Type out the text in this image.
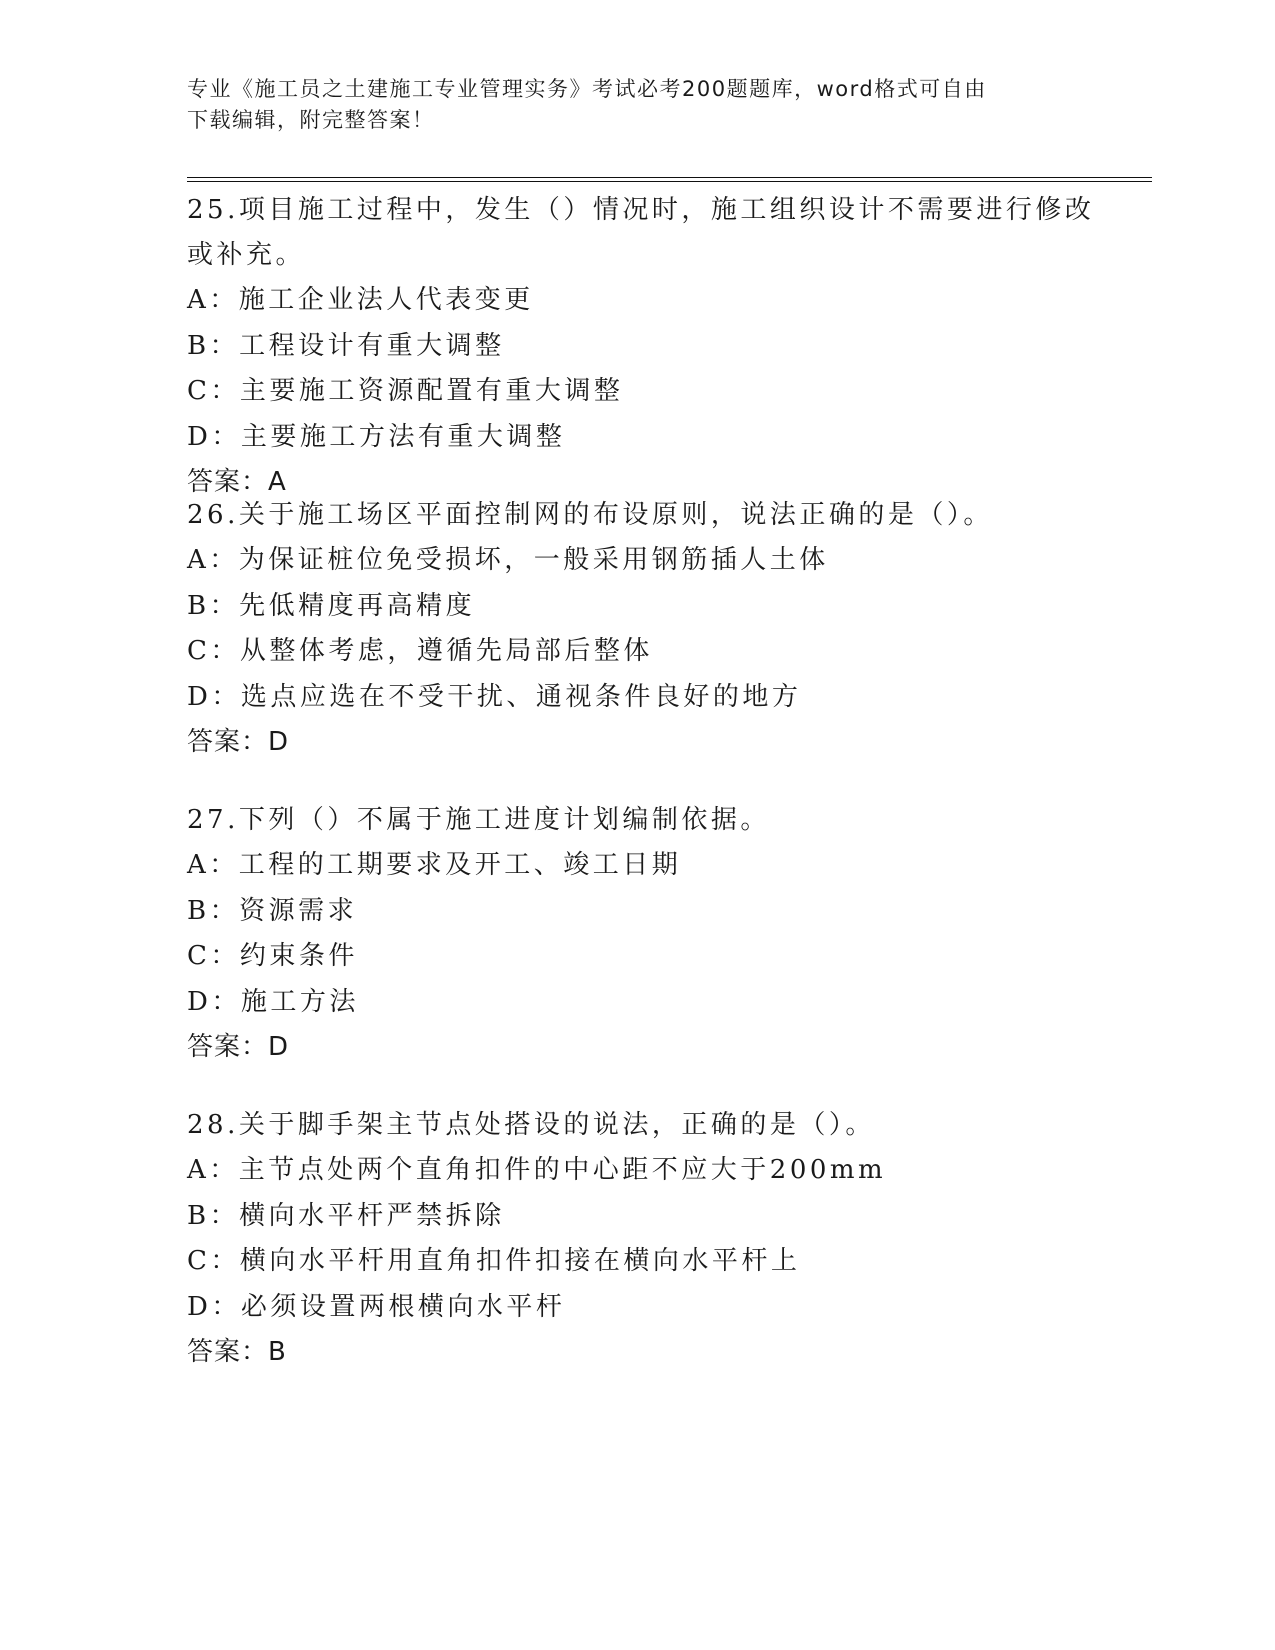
专业《施工员之土建施工专业管理实务》考试必考200题题库，word格式可自由
下载编辑，附完整答案！
25.项目施工过程中，发生（）情况时，施工组织设计不需要进行修改
或补充。
A：施工企业法人代表变更
B：工程设计有重大调整
C：主要施工资源配置有重大调整
D：主要施工方法有重大调整
答案：A
26.关于施工场区平面控制网的布设原则，说法正确的是（）。
A：为保证桩位免受损坏，一般采用钢筋插人土体
B：先低精度再高精度
C：从整体考虑，遵循先局部后整体
D：选点应选在不受干扰、通视条件良好的地方
答案：D
27.下列（）不属于施工进度计划编制依据。
A：工程的工期要求及开工、竣工日期
B：资源需求
C：约束条件
D：施工方法
答案：D
28.关于脚手架主节点处搭设的说法，正确的是（）。
A：主节点处两个直角扣件的中心距不应大于200mm
B：横向水平杆严禁拆除
C：横向水平杆用直角扣件扣接在横向水平杆上
D：必须设置两根横向水平杆
答案：B
